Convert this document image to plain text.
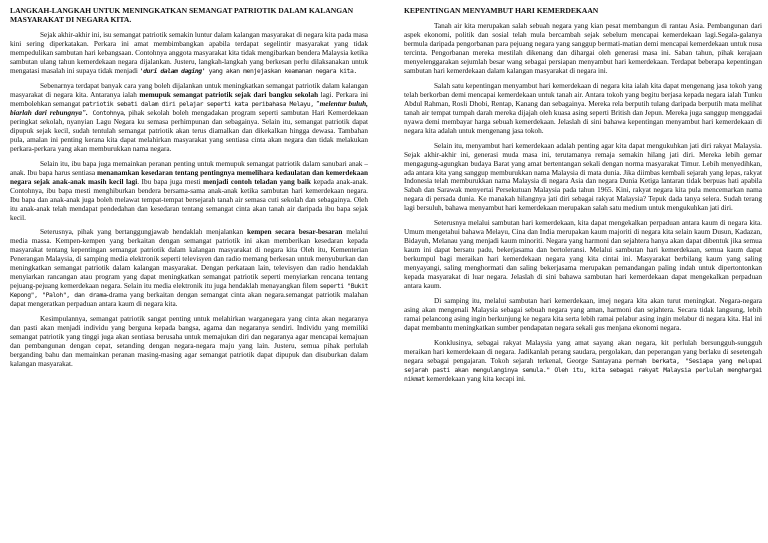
LANGKAH-LANGKAH UNTUK MENINGKATKAN SEMANGAT PATRIOTIK DALAM KALANGAN MASYARAKAT DI NEGARA KITA.

Sejak akhir-akhir ini, isu semangat patriotik semakin luntur dalam kalangan masyarakat di negara kita pada masa kini sering diperkatakan. Perkara ini amat membimbangkan apabila terdapat segelintir masyarakat yang tidak mempedulikan sambutan hari kebangsaan. Contohnya anggota masyarakat kita tidak mengibarkan bendera Malaysia ketika sambutan ulang tahun kemerdekaan negara dijalankan. Justeru, langkah-langkah yang berkesan perlu dilaksanakan untuk mengatasi masalah ini supaya tidak menjadi 'duri dalam daging' yang akan menjejaskan keamanan negara kita.

Sebenarnya terdapat banyak cara yang boleh dijalankan untuk meningkatkan semangat patriotik dalam kalangan masyarakat di negara kita. Antaranya ialah memupuk semangat patriotik sejak dari bangku sekolah lagi. Perkara ini membolehkan semangat patriotik sebati dalam diri pelajar seperti kata peribahasa Melayu, "melentur buluh, biarlah dari rebungnya". Contohnya, pihak sekolah boleh mengadakan program seperti sambutan Hari Kemerdekaan peringkat sekolah, nyanyian Lagu Negara ku semasa perhimpunan dan sebagainya. Selain itu, semangat patriotik dapat dipupuk sejak kecil, sudah tentulah semangat patriotik akan terus diamalkan dan dikekalkan hingga dewasa. Tambahan pula, amalan ini penting kerana kita dapat melahirkan masyarakat yang sentiasa cinta akan negara dan tidak melakukan perkara-perkara yang akan memburukkan nama negara.

Selain itu, ibu bapa juga memainkan peranan penting untuk memupuk semangat patriotik dalam sanubari anak –anak. Ibu bapa harus sentiasa menanamkan kesedaran tentang pentingnya memelihara kedaulatan dan kemerdekaan negara sejak anak-anak masih kecil lagi. Ibu bapa juga mesti menjadi contoh teladan yang baik kepada anak-anak. Contohnya, ibu bapa mesti menghiburkan bendera bersama-sama anak-anak ketika sambutan hari kemerdekaan negara. Ibu bapa dan anak-anak juga boleh melawat tempat-tempat bersejarah tanah air semasa cuti sekolah dan sebagainya. Oleh itu anak-anak telah mendapat pendedahan dan kesedaran tentang semangat cinta akan tanah air daripada ibu bapa sejak kecil.

Seterusnya, pihak yang bertanggungjawab hendaklah menjalankan kempen secara besar-besaran melalui media massa. Kempen-kempen yang berkaitan dengan semangat patriotik ini akan memberikan kesedaran kepada masyarakat tentang kepentingan semangat patriotik dalam kalangan masyarakat di negara kita Oleh itu, Kementerian Penerangan Malaysia, di samping media elektronik seperti televisyen dan radio memang berkesan untuk menyuburkan dan meningkatkan semangat patriotik dalam kalangan masyarakat. Dengan perkataan lain, televisyen dan radio hendaklah menyiarkan rancangan atau program yang dapat meningkatkan semangat patriotik seperti menyiarkan rencana tentang pejuang-pejuang kemerdekaan negara. Selain itu media elektronik itu juga hendaklah menayangkan filem seperti "Bukit Kepong", "Paloh", dan drama-drama yang berkaitan dengan semangat cinta akan negara.semangat patriotik malahan dapat mengeratkan perpaduan antara kaum di negara kita.

Kesimpulannya, semangat patriotik sangat penting untuk melahirkan warganegara yang cinta akan negaranya dan pasti akan menjadi individu yang berguna kepada bangsa, agama dan negaranya sendiri. Individu yang memiliki semangat patriotik yang tinggi juga akan sentiasa berusaha untuk memajukan diri dan negaranya agar mencapai kemajuan dan pembangunan dengan cepat, setanding dengan negara-negara maju yang lain. Justeru, semua pihak perlulah berganding bahu dan memainkan peranan masing-masing agar semangat patriotik dapat dipupuk dan disuburkan dalam kalangan masyarakat.

KEPENTINGAN MENYAMBUT HARI KEMERDEKAAN

Tanah air kita merupakan salah sebuah negara yang kian pesat membangun di rantau Asia. Pembangunan dari aspek ekonomi, politik dan sosial telah mula bercambah sejak sebelum mencapai kemerdekaan lagi.Segala-galanya bermula daripada pengorbanan para pejuang negara yang sanggup bermati-matian demi mencapai kemerdekaan untuk nusa tercinta. Pengorbanan mereka mestilah dikenang dan dihargai oleh generasi masa ini. Saban tahun, pihak kerajaan menyelenggarakan sejumlah besar wang sebagai persiapan menyambut hari kemerdekaan. Terdapat beberapa kepentingan sambutan hari kemerdekaan dalam kalangan masyarakat di negara ini.

Salah satu kepentingan menyambut hari kemerdekaan di negara kita ialah kita dapat mengenang jasa tokoh yang telah berkorban demi mencapai kemerdekaan untuk tanah air. Antara tokoh yang begitu berjasa kepada negara ialah Tunku Abdul Rahman, Rosli Dhobi, Rentap, Kanang dan sebagainya. Mereka rela berputih tulang daripada berputih mata melihat tanah air tempat tumpah darah mereka dijajah oleh kuasa asing seperti British dan Jepun. Mereka juga sanggup menggadai nyawa demi membayar harga sebuah kemerdekaan. Jelaslah di sini bahawa kepentingan menyambut hari kemerdekaan di negara kita adalah untuk mengenang jasa tokoh.

Selain itu, menyambut hari kemerdekaan adalah penting agar kita dapat mengukuhkan jati diri rakyat Malaysia. Sejak akhir-akhir ini, generasi muda masa ini, terutamanya remaja semakin hilang jati diri. Mereka lebih gemar mengagung-agungkan budaya Barat yang amat bertentangan sekali dengan norma masyarakat Timur. Lebih menyedihkan, ada antara kita yang sanggup memburukkan nama Malaysia di mata dunia. Jika diimbas kembali sejarah yang lepas, rakyat Indonesia telah memburukkan nama Malaysia di negara Asia dan negara Dunia Ketiga lantaran tidak berpuas hati apabila Sabah dan Sarawak menyertai Persekutuan Malaysia pada tahun 1965. Kini, rakyat negara kita pula mencemarkan nama negara di persada dunia. Ke manakah hilangnya jati diri sebagai rakyat Malaysia? Tepuk dada tanya selera. Sudah terang lagi bersuluh, bahawa menyambut hari kemerdekaan merupakan salah satu medium untuk mengukuhkan jati diri.

Seterusnya melalui sambutan hari kemerdekaan, kita dapat mengekalkan perpaduan antara kaum di negara kita. Umum mengetahui bahawa Melayu, Cina dan India merupakan kaum majoriti di negara kita selain kaum Dusun, Kadazan, Bidayuh, Melanau yang menjadi kaum minoriti. Negara yang harmoni dan sejahtera hanya akan dapat dibentuk jika semua kaum ini dapat bersatu padu, bekerjasama dan bertoleransi. Melalui sambutan hari kemerdekaan, semua kaum dapat berkumpul bagi meraikan hari kemerdekaan negara yang kita cintai ini. Masyarakat berbilang kaum yang saling menyayangi, saling menghormati dan saling bekerjasama merupakan pemandangan paling indah untuk dipertontonkan kepada masyarakat di luar negara. Jelaslah di sini bahawa sambutan hari kemerdekaan dapat mengekalkan perpaduan antara kaum.

Di samping itu, melalui sambutan hari kemerdekaan, imej negara kita akan turut meningkat. Negara-negara asing akan mengenali Malaysia sebagai sebuah negara yang aman, harmoni dan sejahtera. Secara tidak langsung, lebih ramai pelancong asing ingin berkunjung ke negara kita serta lebih ramai pelabur asing ingin melabur di negara kita. Hal ini dapat membantu meningkatkan sumber pendapatan negara sekali gus menjana ekonomi negara.

Konklusinya, sebagai rakyat Malaysia yang amat sayang akan negara, kit perlulah bersungguh-sungguh meraikan hari kemerdekaan di negara. Jadikanlah perang saudara, pergolakan, dan peperangan yang berlaku di sesetengah negara sebagai pengajaran. Tokoh sejarah terkenal, George Santayana pernah berkata, "Sesiapa yang melupai sejarah pasti akan mengulanginya semula." Oleh itu, kita sebagai rakyat Malaysia perlulah menghargai nikmat kemerdekaan yang kita kecapi ini.
